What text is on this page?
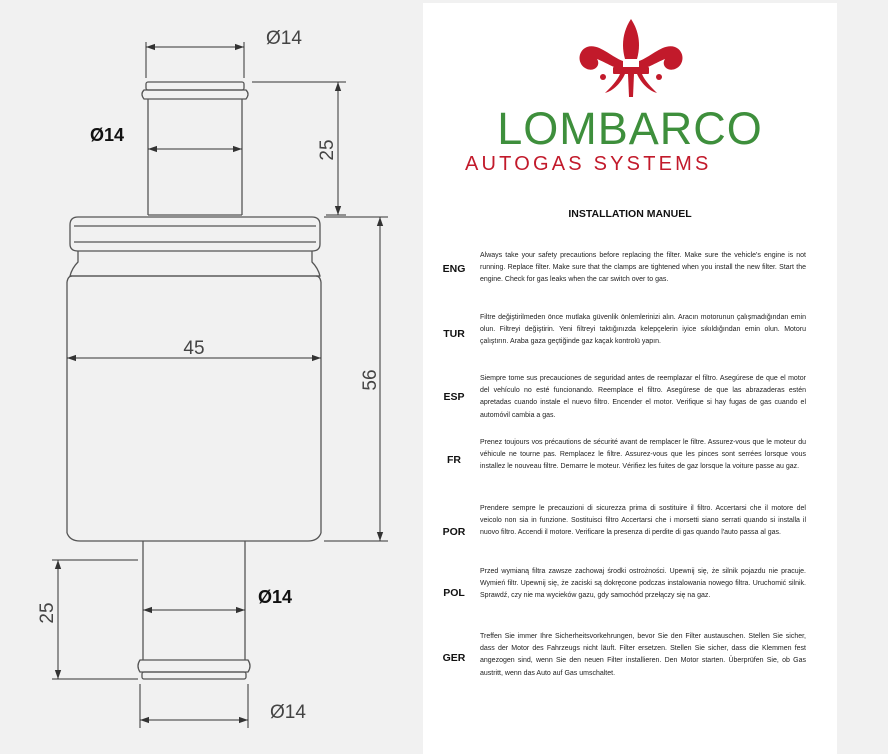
Ø14
Ø14
25
45
56
Ø14
25
Ø14
LOMBARCO
AUTOGAS SYSTEMS
INSTALLATION MANUEL
ENG
Always take your safety precautions before replacing the filter. Make sure the vehicle's engine is not running. Replace filter. Make sure that the clamps are tightened when you install the new filter. Start the engine. Check for gas leaks when the car switch over to gas.
TUR
Filtre değiştirilmeden önce mutlaka güvenlik önlemlerinizi alın. Aracın motorunun çalışmadığından emin olun. Filtreyi değiştirin. Yeni filtreyi taktığınızda kelepçelerin iyice sıkıldığından emin olun. Motoru çalıştırın. Araba gaza geçtiğinde gaz kaçak kontrolü yapın.
ESP
Siempre tome sus precauciones de seguridad antes de reemplazar el filtro. Asegúrese de que el motor del vehículo no esté funcionando. Reemplace el filtro. Asegúrese de que las abrazaderas estén apretadas cuando instale el nuevo filtro. Encender el motor. Verifique si hay fugas de gas cuando el automóvil cambia a gas.
FR
Prenez toujours vos précautions de sécurité avant de remplacer le filtre. Assurez-vous que le moteur du véhicule ne tourne pas. Remplacez le filtre. Assurez-vous que les pinces sont serrées lorsque vous installez le nouveau filtre. Demarre le moteur. Vérifiez les fuites de gaz lorsque la voiture passe au gaz.
POR
Prendere sempre le precauzioni di sicurezza prima di sostituire il filtro. Accertarsi che il motore del veicolo non sia in funzione. Sostituisci filtro Accertarsi che i morsetti siano serrati quando si installa il nuovo filtro. Accendi il motore. Verificare la presenza di perdite di gas quando l'auto passa al gas.
POL
Przed wymianą filtra zawsze zachowaj środki ostrożności. Upewnij się, że silnik pojazdu nie pracuje. Wymień filtr. Upewnij się, że zaciski są dokręcone podczas instalowania nowego filtra. Uruchomić silnik. Sprawdź, czy nie ma wycieków gazu, gdy samochód przełączy się na gaz.
GER
Treffen Sie immer Ihre Sicherheitsvorkehrungen, bevor Sie den Filter austauschen. Stellen Sie sicher, dass der Motor des Fahrzeugs nicht läuft. Filter ersetzen. Stellen Sie sicher, dass die Klemmen fest angezogen sind, wenn Sie den neuen Filter installieren. Den Motor starten. Überprüfen Sie, ob Gas austritt, wenn das Auto auf Gas umschaltet.
